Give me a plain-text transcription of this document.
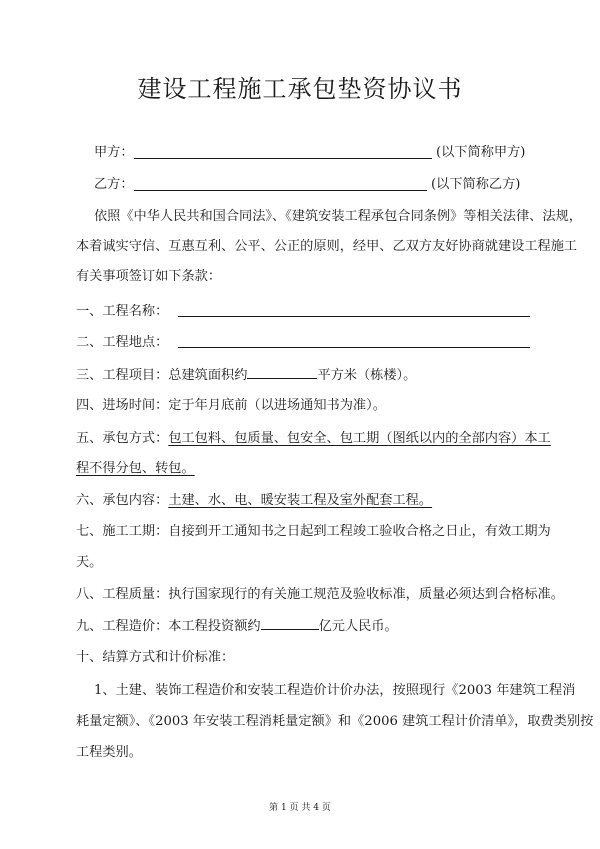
建设工程施工承包垫资协议书
甲方：	(以下简称甲方)
乙方：	(以下简称乙方)
依照《中华人民共和国合同法》、《建筑安装工程承包合同条例》等相关法律、法规，
本着诚实守信、互惠互利、公平、公正的原则，经甲、乙双方友好协商就建设工程施工
有关事项签订如下条款：
一、工程名称：
二、工程地点：
三、工程项目：总建筑面积约	平方米（栋楼）。
四、进场时间：定于年月底前（以进场通知书为准）。
五、承包方式：包工包料、包质量、包安全、包工期（图纸以内的全部内容）本工
程不得分包、转包。
六、承包内容：土建、水、电、暖安装工程及室外配套工程。
七、施工工期：自接到开工通知书之日起到工程竣工验收合格之日止，有效工期为
天。
八、工程质量：执行国家现行的有关施工规范及验收标准，质量必须达到合格标准。
九、工程造价：本工程投资额约	亿元人民币。
十、结算方式和计价标准：
1、土建、装饰工程造价和安装工程造价计价办法，按照现行《2003 年建筑工程消
耗量定额》、《2003 年安装工程消耗量定额》和《2006 建筑工程计价清单》，取费类别按
工程类别。
第 1 页 共 4 页
